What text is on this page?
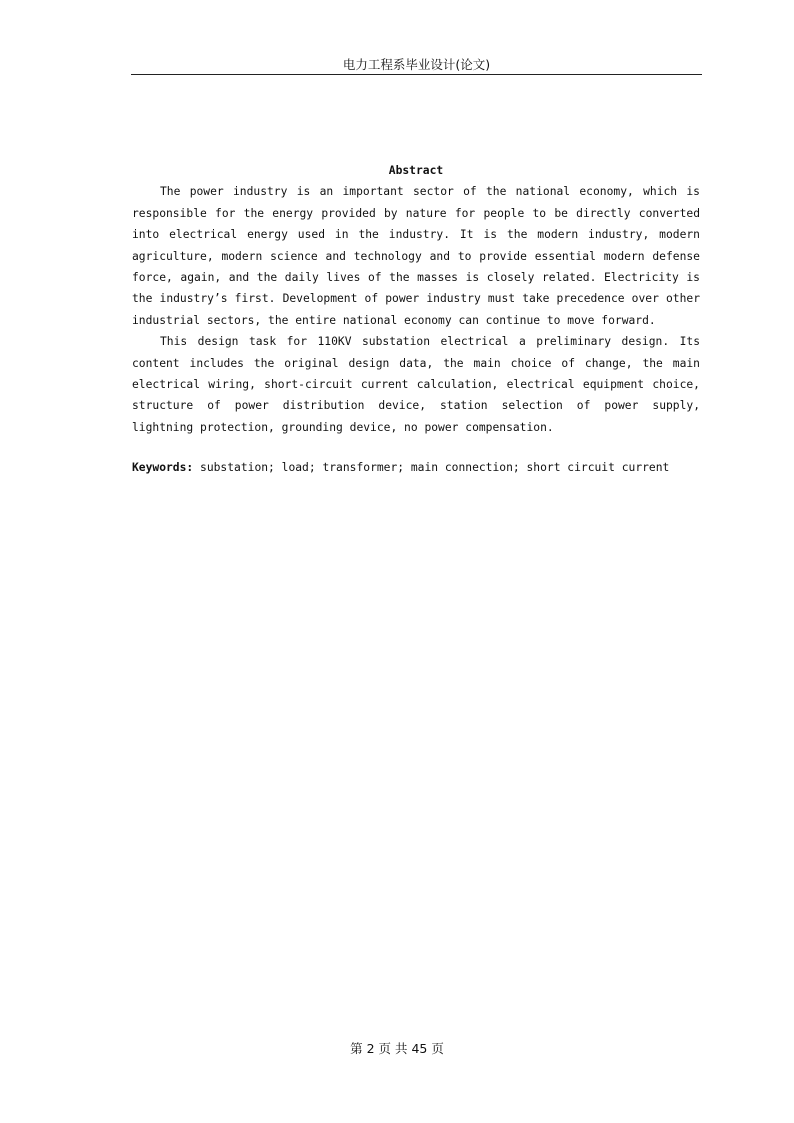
电力工程系毕业设计(论文)

Abstract

The power industry is an important sector of the national economy, which is responsible for the energy provided by nature for people to be directly converted into electrical energy used in the industry. It is the modern industry, modern agriculture, modern science and technology and to provide essential modern defense force, again, and the daily lives of the masses is closely related. Electricity is the industry’s first. Development of power industry must take precedence over other industrial sectors, the entire national economy can continue to move forward.

This design task for 110KV substation electrical a preliminary design. Its content includes the original design data, the main choice of change, the main electrical wiring, short-circuit current calculation, electrical equipment choice, structure of power distribution device, station selection of power supply, lightning protection, grounding device, no power compensation.

Keywords: substation; load; transformer; main connection; short circuit current

第 2 页 共 45 页
